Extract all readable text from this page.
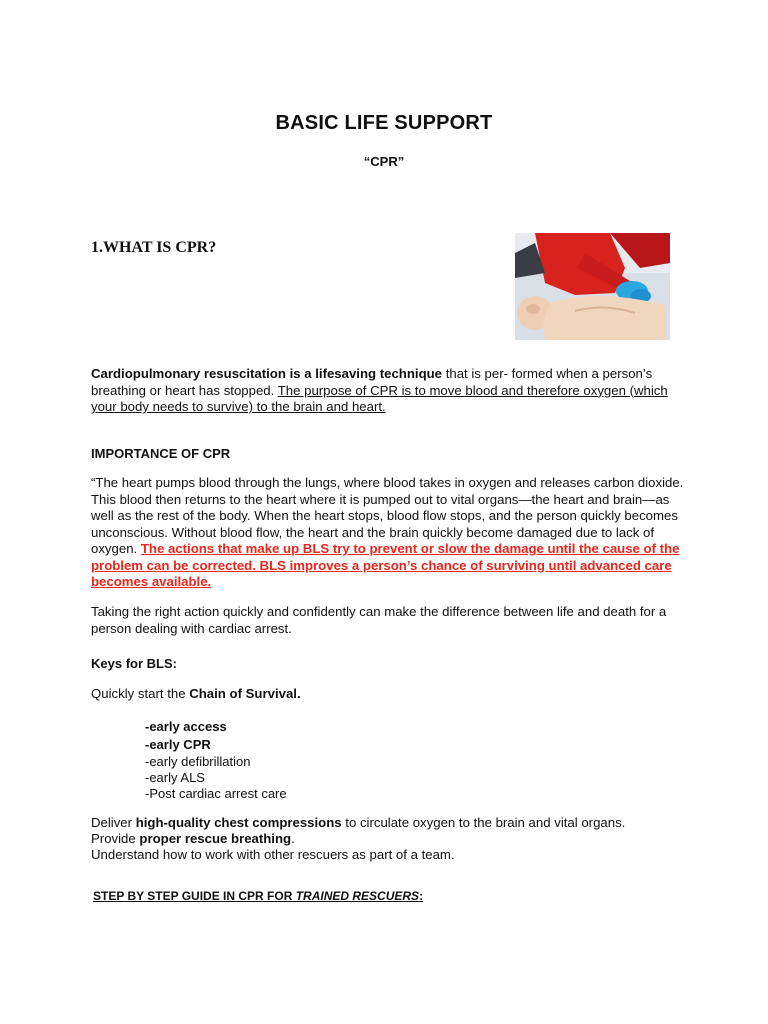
BASIC LIFE SUPPORT
“CPR”
1.WHAT IS CPR?
Cardiopulmonary resuscitation is a lifesaving technique that is per- formed when a person’s breathing or heart has stopped. The purpose of CPR is to move blood and therefore oxygen (which your body needs to survive) to the brain and heart.
IMPORTANCE OF CPR
“The heart pumps blood through the lungs, where blood takes in oxygen and releases carbon dioxide. This blood then returns to the heart where it is pumped out to vital organs—the heart and brain—as well as the rest of the body. When the heart stops, blood flow stops, and the person quickly becomes unconscious. Without blood flow, the heart and the brain quickly become damaged due to lack of oxygen. The actions that make up BLS try to prevent or slow the damage until the cause of the problem can be corrected. BLS improves a person’s chance of surviving until advanced care becomes available.
Taking the right action quickly and confidently can make the difference between life and death for a person dealing with cardiac arrest.
Keys for BLS:
Quickly start the Chain of Survival.
-early access
-early CPR
-early defibrillation
-early ALS
-Post cardiac arrest care
Deliver high-quality chest compressions to circulate oxygen to the brain and vital organs.
Provide proper rescue breathing.
Understand how to work with other rescuers as part of a team.
STEP BY STEP GUIDE IN CPR FOR TRAINED RESCUERS:
